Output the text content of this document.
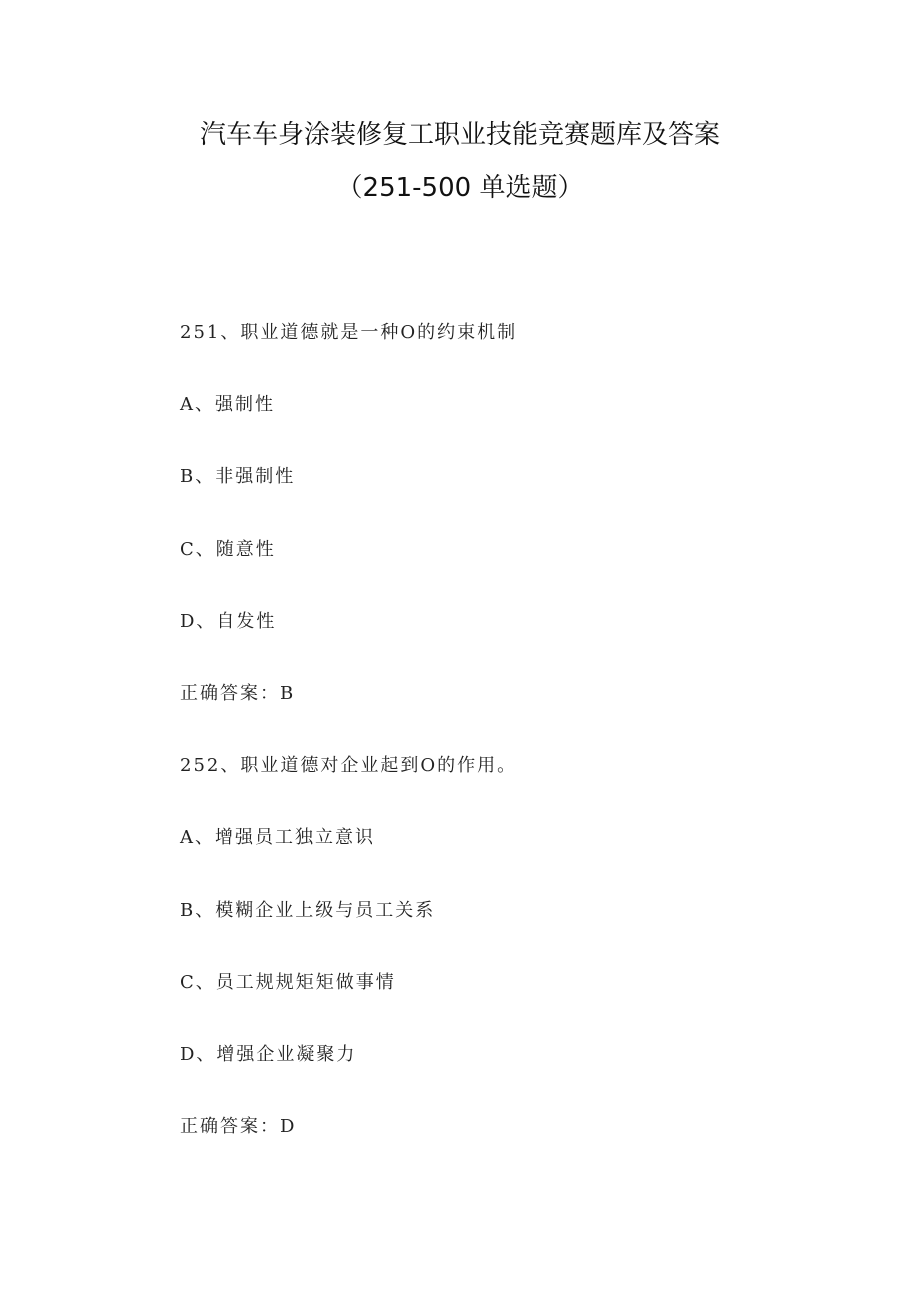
汽车车身涂装修复工职业技能竞赛题库及答案
（251-500 单选题）
251、职业道德就是一种O的约束机制
A、强制性
B、非强制性
C、随意性
D、自发性
正确答案：B
252、职业道德对企业起到O的作用。
A、增强员工独立意识
B、模糊企业上级与员工关系
C、员工规规矩矩做事情
D、增强企业凝聚力
正确答案：D
